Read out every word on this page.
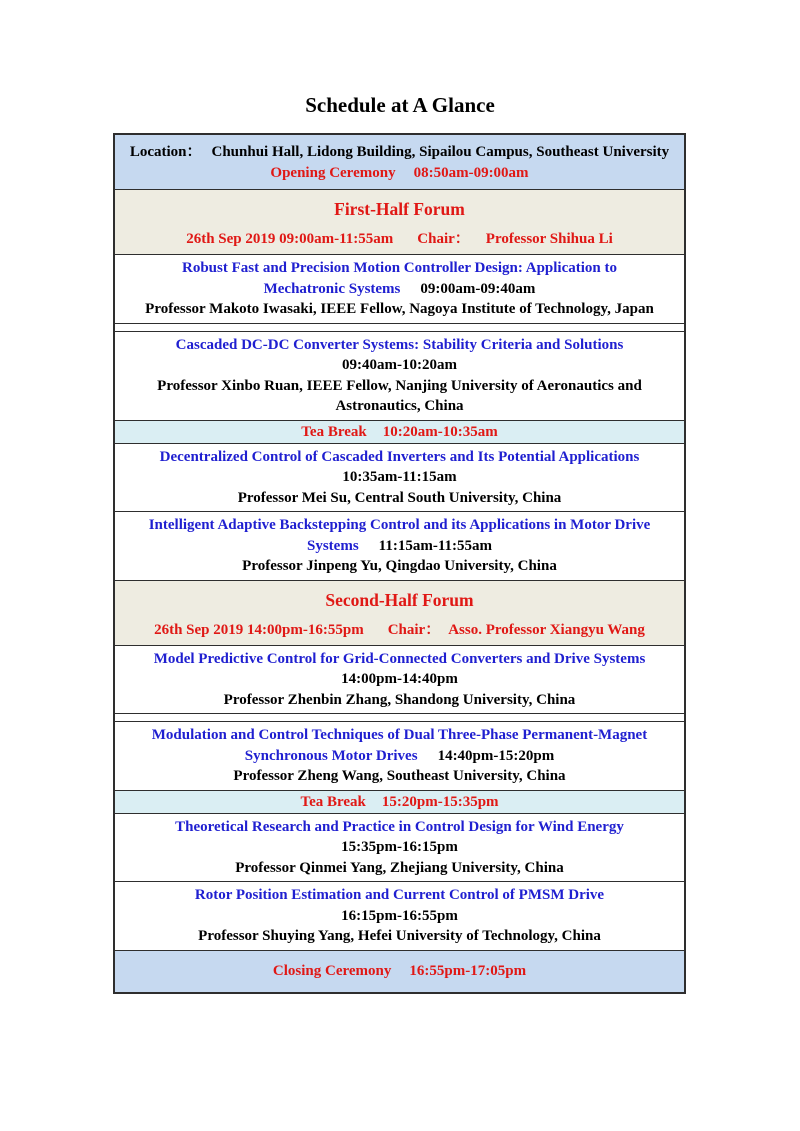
Schedule at A Glance
Location： Chunhui Hall, Lidong Building, Sipailou Campus, Southeast University
Opening Ceremony 08:50am-09:00am
First-Half Forum
26th Sep 2019 09:00am-11:55am Chair： Professor Shihua Li
Robust Fast and Precision Motion Controller Design: Application to
Mechatronic Systems 09:00am-09:40am
Professor Makoto Iwasaki, IEEE Fellow, Nagoya Institute of Technology, Japan
Cascaded DC-DC Converter Systems: Stability Criteria and Solutions
09:40am-10:20am
Professor Xinbo Ruan, IEEE Fellow, Nanjing University of Aeronautics and
Astronautics, China
Tea Break 10:20am-10:35am
Decentralized Control of Cascaded Inverters and Its Potential Applications
10:35am-11:15am
Professor Mei Su, Central South University, China
Intelligent Adaptive Backstepping Control and its Applications in Motor Drive
Systems 11:15am-11:55am
Professor Jinpeng Yu, Qingdao University, China
Second-Half Forum
26th Sep 2019 14:00pm-16:55pm Chair： Asso. Professor Xiangyu Wang
Model Predictive Control for Grid-Connected Converters and Drive Systems
14:00pm-14:40pm
Professor Zhenbin Zhang, Shandong University, China
Modulation and Control Techniques of Dual Three-Phase Permanent-Magnet
Synchronous Motor Drives 14:40pm-15:20pm
Professor Zheng Wang, Southeast University, China
Tea Break 15:20pm-15:35pm
Theoretical Research and Practice in Control Design for Wind Energy
15:35pm-16:15pm
Professor Qinmei Yang, Zhejiang University, China
Rotor Position Estimation and Current Control of PMSM Drive
16:15pm-16:55pm
Professor Shuying Yang, Hefei University of Technology, China
Closing Ceremony 16:55pm-17:05pm
